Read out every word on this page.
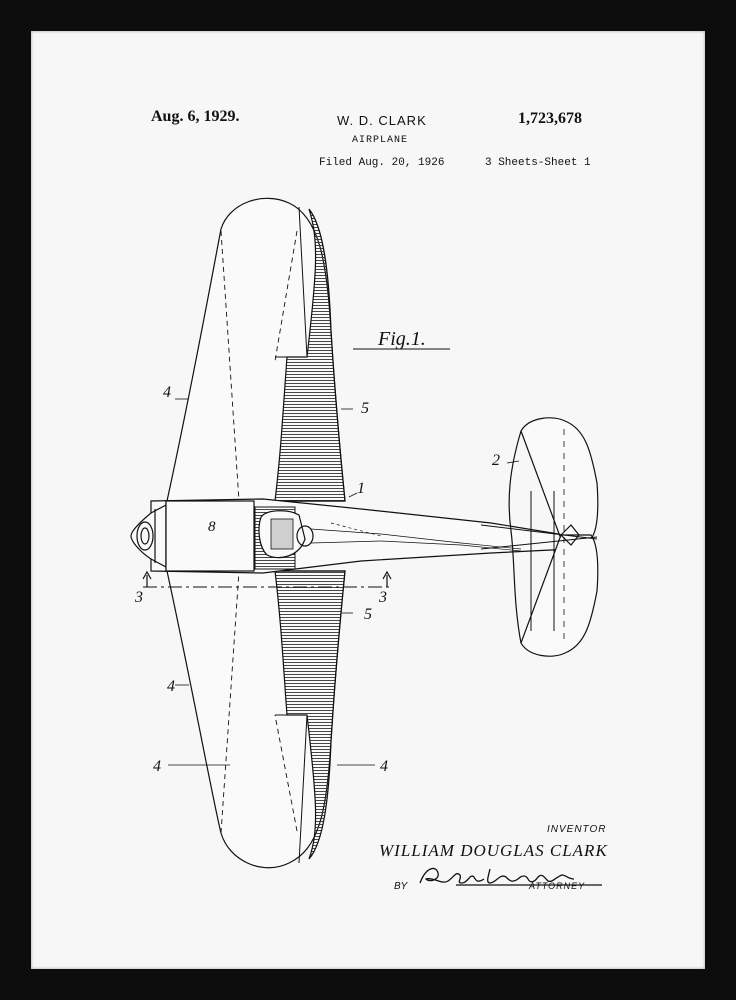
Aug. 6, 1929.	W. D. CLARK	1,723,678
AIRPLANE
Filed Aug. 20, 1926	3 Sheets-Sheet 1
Fig.1.
4
5
2
1
8
3	3
5
4
4	4
INVENTOR
WILLIAM DOUGLAS CLARK
BY	ATTORNEY
